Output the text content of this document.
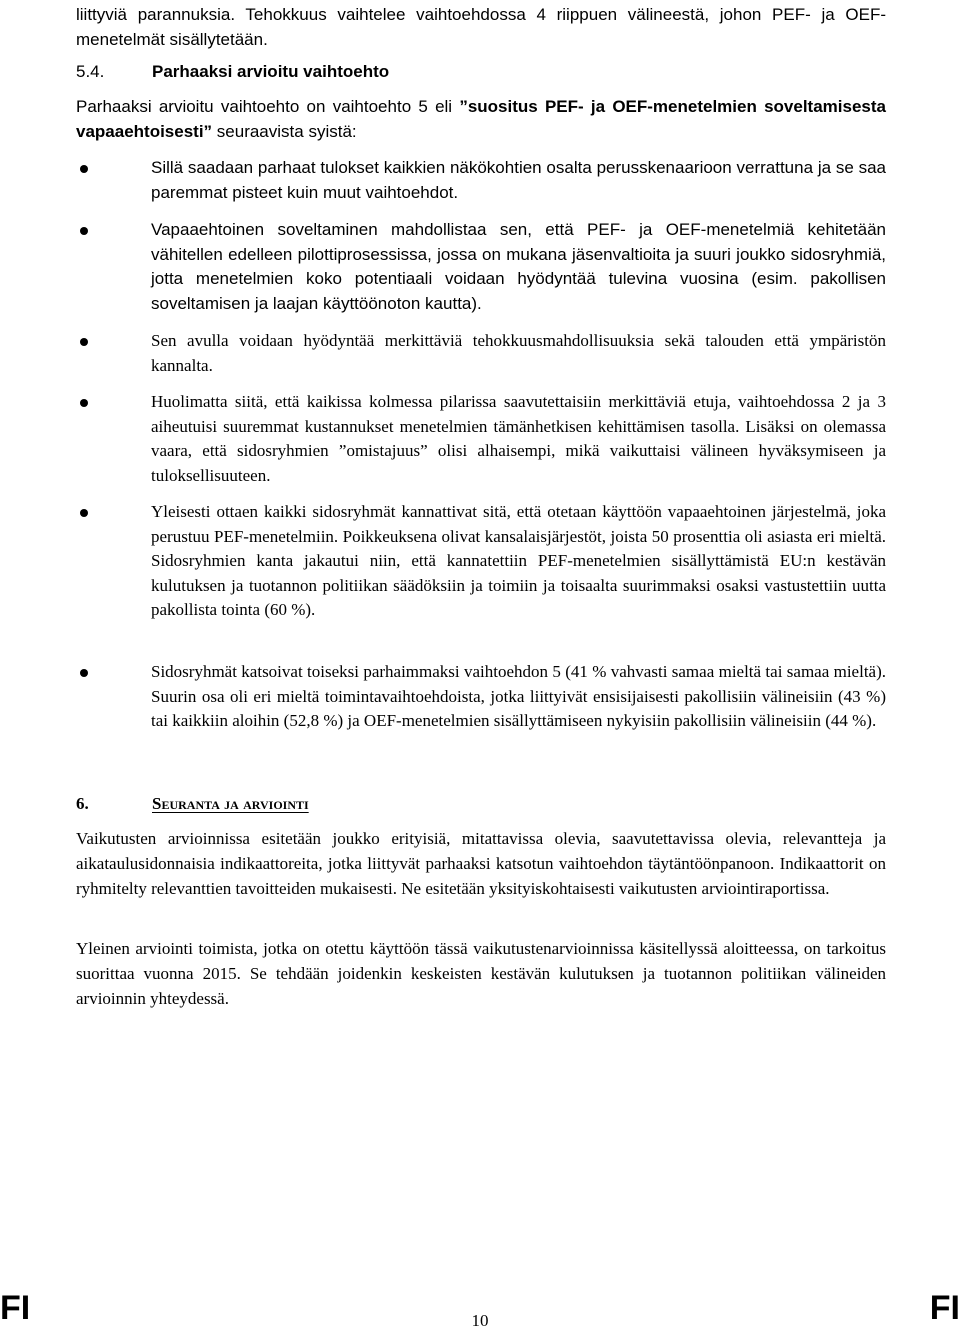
liittyviä parannuksia. Tehokkuus vaihtelee vaihtoehdossa 4 riippuen välineestä, johon PEF- ja OEF-menetelmät sisällytetään.

5.4.	Parhaaksi arvioitu vaihtoehto

Parhaaksi arvioitu vaihtoehto on vaihtoehto 5 eli ”suositus PEF- ja OEF-menetelmien soveltamisesta vapaaehtoisesti” seuraavista syistä:

Sillä saadaan parhaat tulokset kaikkien näkökohtien osalta perusskenaarioon verrattuna ja se saa paremmat pisteet kuin muut vaihtoehdot.

Vapaaehtoinen soveltaminen mahdollistaa sen, että PEF- ja OEF-menetelmiä kehitetään vähitellen edelleen pilottiprosessissa, jossa on mukana jäsenvaltioita ja suuri joukko sidosryhmiä, jotta menetelmien koko potentiaali voidaan hyödyntää tulevina vuosina (esim. pakollisen soveltamisen ja laajan käyttöönoton kautta).

Sen avulla voidaan hyödyntää merkittäviä tehokkuusmahdollisuuksia sekä talouden että ympäristön kannalta.

Huolimatta siitä, että kaikissa kolmessa pilarissa saavutettaisiin merkittäviä etuja, vaihtoehdossa 2 ja 3 aiheutuisi suuremmat kustannukset menetelmien tämänhetkisen kehittämisen tasolla. Lisäksi on olemassa vaara, että sidosryhmien ”omistajuus” olisi alhaisempi, mikä vaikuttaisi välineen hyväksymiseen ja tuloksellisuuteen.

Yleisesti ottaen kaikki sidosryhmät kannattivat sitä, että otetaan käyttöön vapaaehtoinen järjestelmä, joka perustuu PEF-menetelmiin. Poikkeuksena olivat kansalaisjärjestöt, joista 50 prosenttia oli asiasta eri mieltä. Sidosryhmien kanta jakautui niin, että kannatettiin PEF-menetelmien sisällyttämistä EU:n kestävän kulutuksen ja tuotannon politiikan säädöksiin ja toimiin ja toisaalta suurimmaksi osaksi vastustettiin uutta pakollista tointa (60 %).

Sidosryhmät katsoivat toiseksi parhaimmaksi vaihtoehdon 5 (41 % vahvasti samaa mieltä tai samaa mieltä). Suurin osa oli eri mieltä toimintavaihtoehdoista, jotka liittyivät ensisijaisesti pakollisiin välineisiin (43 %) tai kaikkiin aloihin (52,8 %) ja OEF-menetelmien sisällyttämiseen nykyisiin pakollisiin välineisiin (44 %).

6.	Seuranta ja arviointi

Vaikutusten arvioinnissa esitetään joukko erityisiä, mitattavissa olevia, saavutettavissa olevia, relevantteja ja aikataulusidonnaisia indikaattoreita, jotka liittyvät parhaaksi katsotun vaihtoehdon täytäntöönpanoon. Indikaattorit on ryhmitelty relevanttien tavoitteiden mukaisesti. Ne esitetään yksityiskohtaisesti vaikutusten arviointiraportissa.

Yleinen arviointi toimista, jotka on otettu käyttöön tässä vaikutustenarvioinnissa käsitellyssä aloitteessa, on tarkoitus suorittaa vuonna 2015. Se tehdään joidenkin keskeisten kestävän kulutuksen ja tuotannon politiikan välineiden arvioinnin yhteydessä.

FI	10	FI
